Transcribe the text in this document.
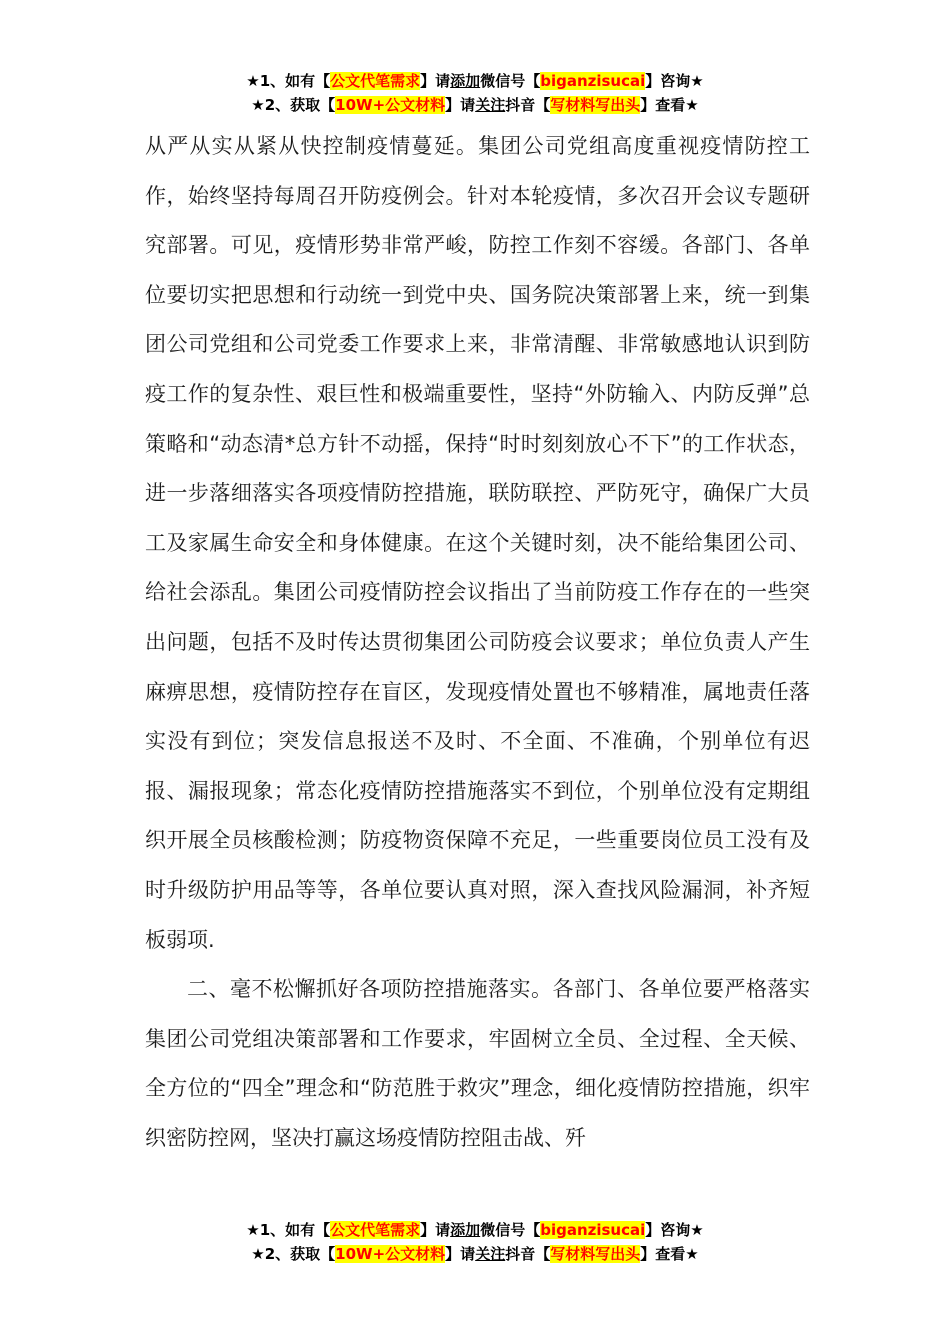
★1、如有【公文代笔需求】请添加微信号【biganzisucai】咨询★
★2、获取【10W+公文材料】请关注抖音【写材料写出头】查看★

从严从实从紧从快控制疫情蔓延。集团公司党组高度重视疫情防控工作，始终坚持每周召开防疫例会。针对本轮疫情，多次召开会议专题研究部署。可见，疫情形势非常严峻，防控工作刻不容缓。各部门、各单位要切实把思想和行动统一到党中央、国务院决策部署上来，统一到集团公司党组和公司党委工作要求上来，非常清醒、非常敏感地认识到防疫工作的复杂性、艰巨性和极端重要性，坚持“外防输入、内防反弹”总策略和“动态清*总方针不动摇，保持“时时刻刻放心不下”的工作状态，进一步落细落实各项疫情防控措施，联防联控、严防死守，确保广大员工及家属生命安全和身体健康。在这个关键时刻，决不能给集团公司、给社会添乱。集团公司疫情防控会议指出了当前防疫工作存在的一些突出问题，包括不及时传达贯彻集团公司防疫会议要求；单位负责人产生麻痹思想，疫情防控存在盲区，发现疫情处置也不够精准，属地责任落实没有到位；突发信息报送不及时、不全面、不准确，个别单位有迟报、漏报现象；常态化疫情防控措施落实不到位，个别单位没有定期组织开展全员核酸检测；防疫物资保障不充足，一些重要岗位员工没有及时升级防护用品等等，各单位要认真对照，深入查找风险漏洞，补齐短板弱项.

二、毫不松懈抓好各项防控措施落实。各部门、各单位要严格落实集团公司党组决策部署和工作要求，牢固树立全员、全过程、全天候、全方位的“四全”理念和“防范胜于救灾”理念，细化疫情防控措施，织牢织密防控网，坚决打赢这场疫情防控阻击战、歼

★1、如有【公文代笔需求】请添加微信号【biganzisucai】咨询★
★2、获取【10W+公文材料】请关注抖音【写材料写出头】查看★
